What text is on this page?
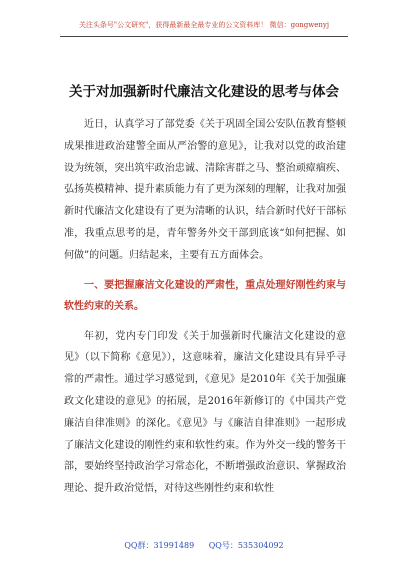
关注头条号"公文研究"，获得最新最全最专业的公文资料库！ 微信：gongwenyj
关于对加强新时代廉洁文化建设的思考与体会

近日，认真学习了部党委《关于巩固全国公安队伍教育整顿成果推进政治建警全面从严治警的意见》，让我对以党的政治建设为统领，突出筑牢政治忠诚、清除害群之马、整治顽瘴痼疾、弘扬英模精神、提升素质能力有了更为深刻的理解，让我对加强新时代廉洁文化建设有了更为清晰的认识，结合新时代好干部标准，我重点思考的是，青年警务外交干部到底该“如何把握、如何做”的问题。归结起来，主要有五方面体会。

一、要把握廉洁文化建设的严肃性，重点处理好刚性约束与软性约束的关系。

年初，党内专门印发《关于加强新时代廉洁文化建设的意见》（以下简称《意见》），这意味着，廉洁文化建设具有异乎寻常的严肃性。通过学习感觉到，《意见》是2010年《关于加强廉政文化建设的意见》的拓展，是2016年新修订的《中国共产党廉洁自律准则》的深化。《意见》与《廉洁自律准则》一起形成了廉洁文化建设的刚性约束和软性约束。作为外交一线的警务干部，要始终坚持政治学习常态化，不断增强政治意识、掌握政治理论、提升政治觉悟，对待这些刚性约束和软性

QQ群：31991489 QQ号：535304092
